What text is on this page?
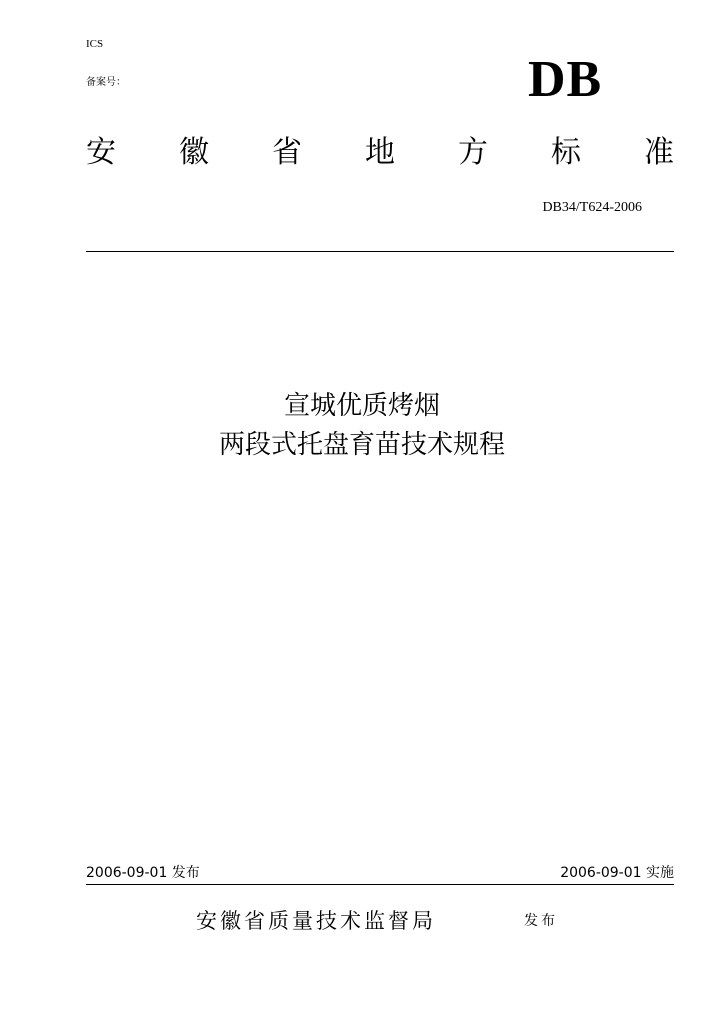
ICS
备案号：	DB
安 徽 省 地 方 标 准
DB34/T624-2006
宣城优质烤烟
两段式托盘育苗技术规程
2006-09-01 发布	2006-09-01 实施
安徽省质量技术监督局	发布
